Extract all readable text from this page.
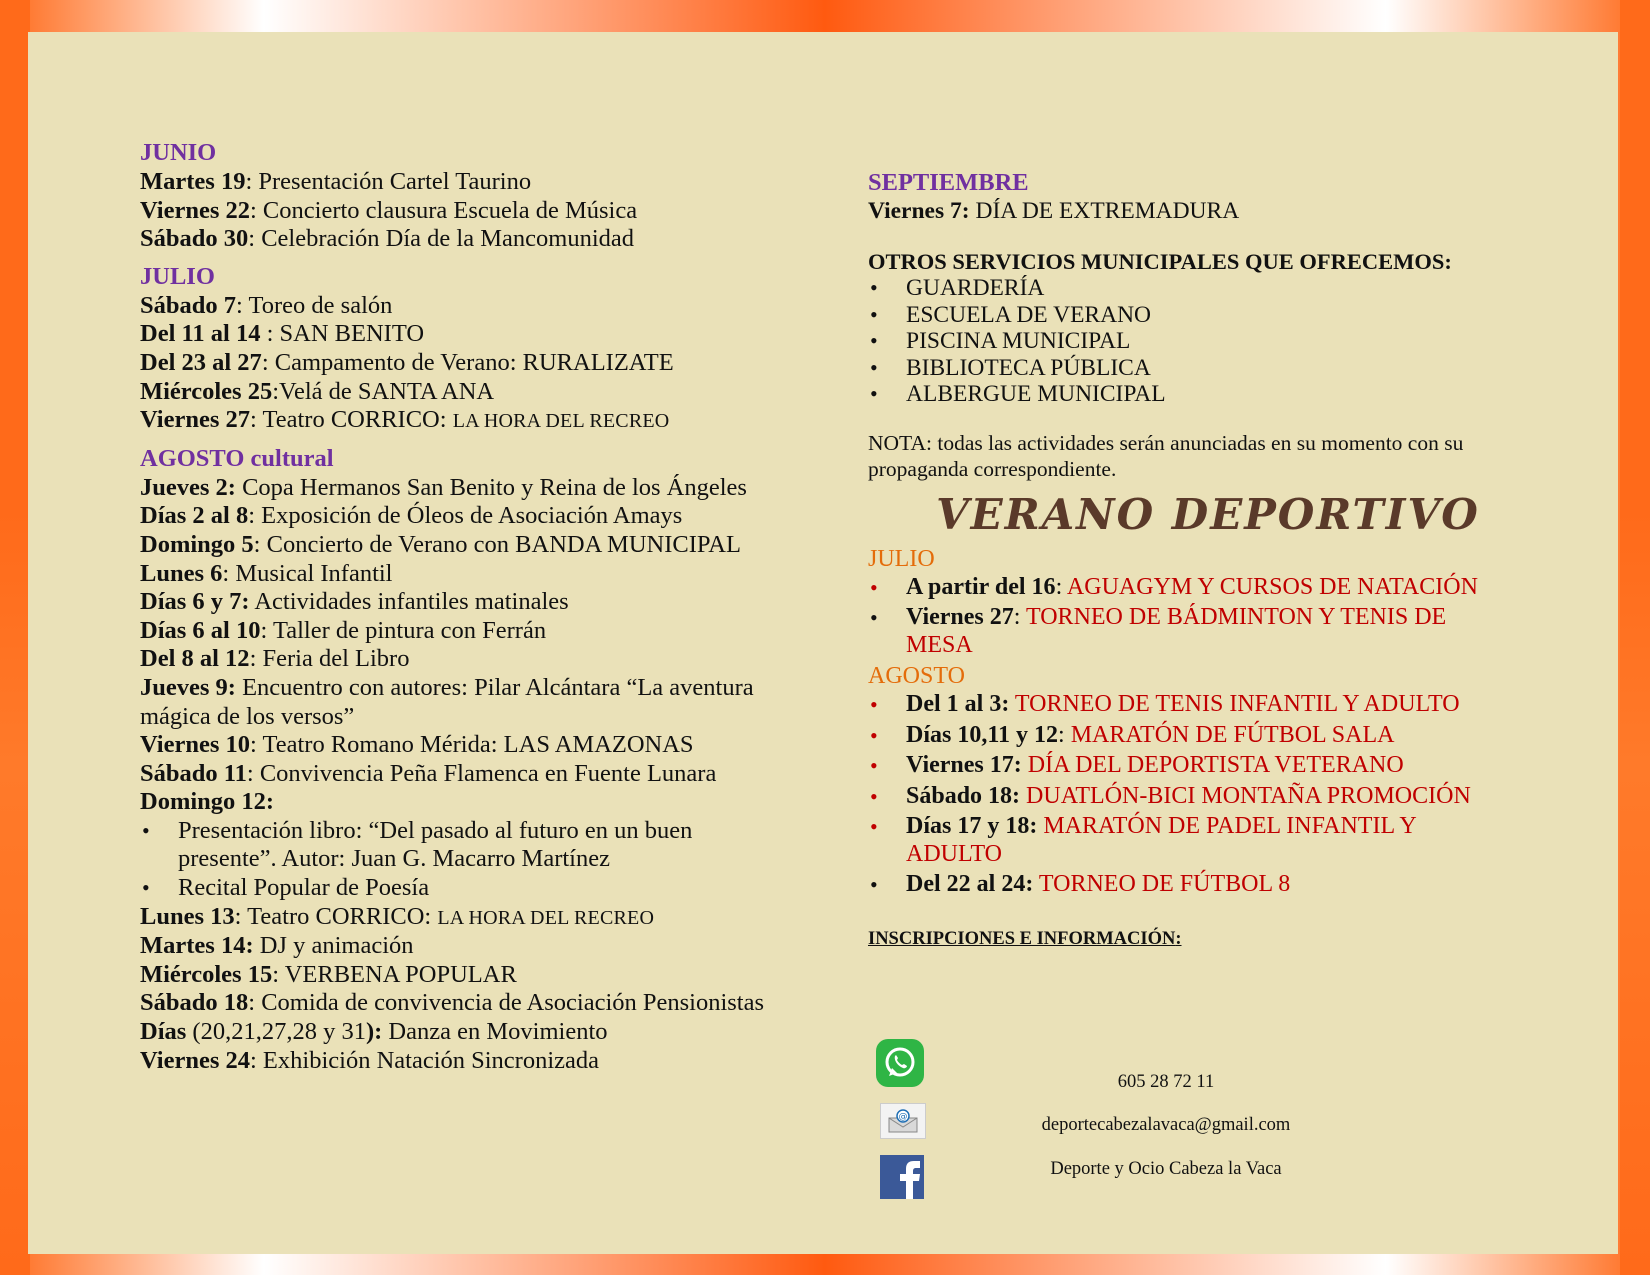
JUNIO
Martes 19: Presentación Cartel Taurino
Viernes 22: Concierto clausura Escuela de Música
Sábado 30: Celebración Día de la Mancomunidad
JULIO
Sábado 7: Toreo de salón
Del 11 al 14 : SAN BENITO
Del 23 al 27: Campamento de Verano: RURALIZATE
Miércoles 25:Velá de SANTA ANA
Viernes 27: Teatro CORRICO: LA HORA DEL RECREO
AGOSTO cultural
Jueves 2: Copa Hermanos San Benito y Reina de los Ángeles
Días 2 al 8: Exposición de Óleos de Asociación Amays
Domingo 5: Concierto de Verano con BANDA MUNICIPAL
Lunes 6: Musical Infantil
Días 6 y 7: Actividades infantiles matinales
Días 6 al 10: Taller de pintura con Ferrán
Del 8 al 12: Feria del Libro
Jueves 9: Encuentro con autores: Pilar Alcántara “La aventura mágica de los versos”
Viernes 10: Teatro Romano Mérida: LAS AMAZONAS
Sábado 11: Convivencia Peña Flamenca en Fuente Lunara
Domingo 12:
• Presentación libro: “Del pasado al futuro en un buen presente”. Autor: Juan G. Macarro Martínez
• Recital Popular de Poesía
Lunes 13: Teatro CORRICO: LA HORA DEL RECREO
Martes 14: DJ y animación
Miércoles 15: VERBENA POPULAR
Sábado 18: Comida de convivencia de Asociación Pensionistas
Días (20,21,27,28 y 31): Danza en Movimiento
Viernes 24: Exhibición Natación Sincronizada
SEPTIEMBRE
Viernes 7: DÍA DE EXTREMADURA
OTROS SERVICIOS MUNICIPALES QUE OFRECEMOS:
• GUARDERÍA
• ESCUELA DE VERANO
• PISCINA MUNICIPAL
• BIBLIOTECA PÚBLICA
• ALBERGUE MUNICIPAL
NOTA: todas las actividades serán anunciadas en su momento con su propaganda correspondiente.
VERANO DEPORTIVO
JULIO
• A partir del 16: AGUAGYM Y CURSOS DE NATACIÓN
• Viernes 27: TORNEO DE BÁDMINTON Y TENIS DE MESA
AGOSTO
• Del 1 al 3: TORNEO DE TENIS INFANTIL Y ADULTO
• Días 10,11 y 12: MARATÓN DE FÚTBOL SALA
• Viernes 17: DÍA DEL DEPORTISTA VETERANO
• Sábado 18: DUATLÓN-BICI MONTAÑA PROMOCIÓN
• Días 17 y 18: MARATÓN DE PADEL INFANTIL Y ADULTO
• Del 22 al 24: TORNEO DE FÚTBOL 8
INSCRIPCIONES E INFORMACIÓN:
@
605 28 72 11
deportecabezalavaca@gmail.com
Deporte y Ocio Cabeza la Vaca
